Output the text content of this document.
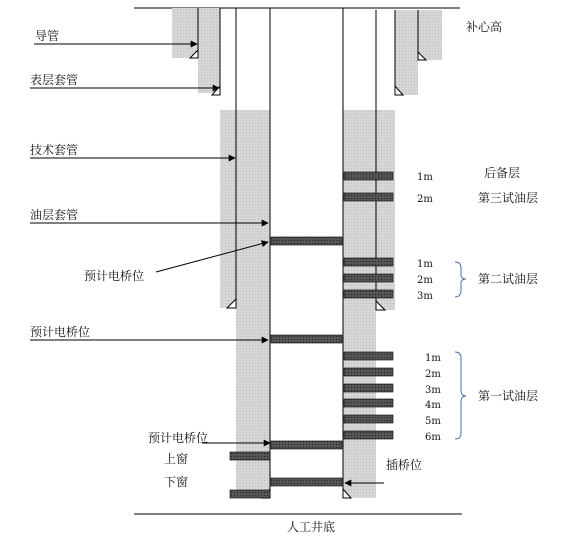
导管
表层套管
技术套管
油层套管
预计电桥位
预计电桥位
预计电桥位
上窗
下窗
插桥位
人工井底
补心高
1m
2m
1m
2m
3m
1m
2m
3m
4m
5m
6m
后备层
第三试油层
第二试油层
第一试油层
